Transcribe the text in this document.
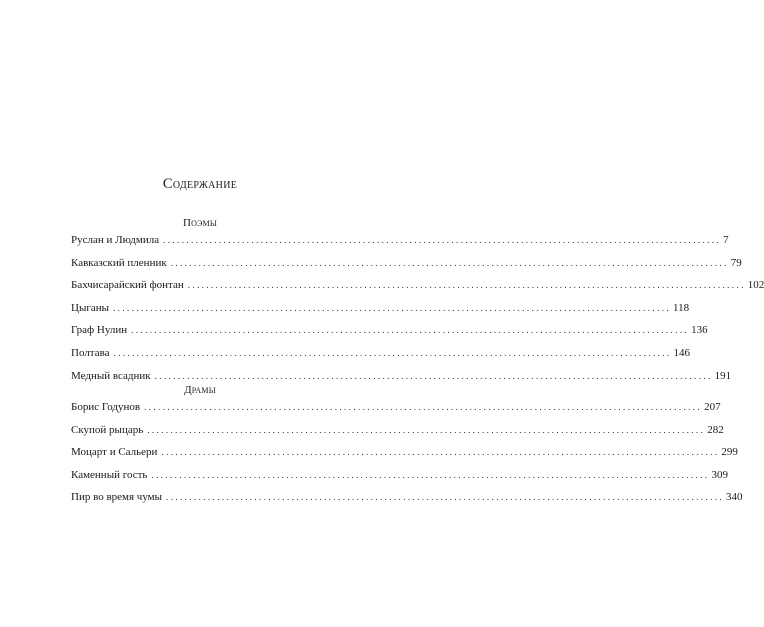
Содержание
Поэмы
Руслан и Людмила ........................................................................................................................ 7
Кавказский пленник ........................................................................................................................ 79
Бахчисарайский фонтан ........................................................................................................................ 102
Цыганы ........................................................................................................................ 118
Граф Нулин ........................................................................................................................ 136
Полтава ........................................................................................................................ 146
Медный всадник ........................................................................................................................ 191
Драмы
Борис Годунов ........................................................................................................................ 207
Скупой рыцарь ........................................................................................................................ 282
Моцарт и Сальери ........................................................................................................................ 299
Каменный гость ........................................................................................................................ 309
Пир во время чумы ........................................................................................................................ 340
